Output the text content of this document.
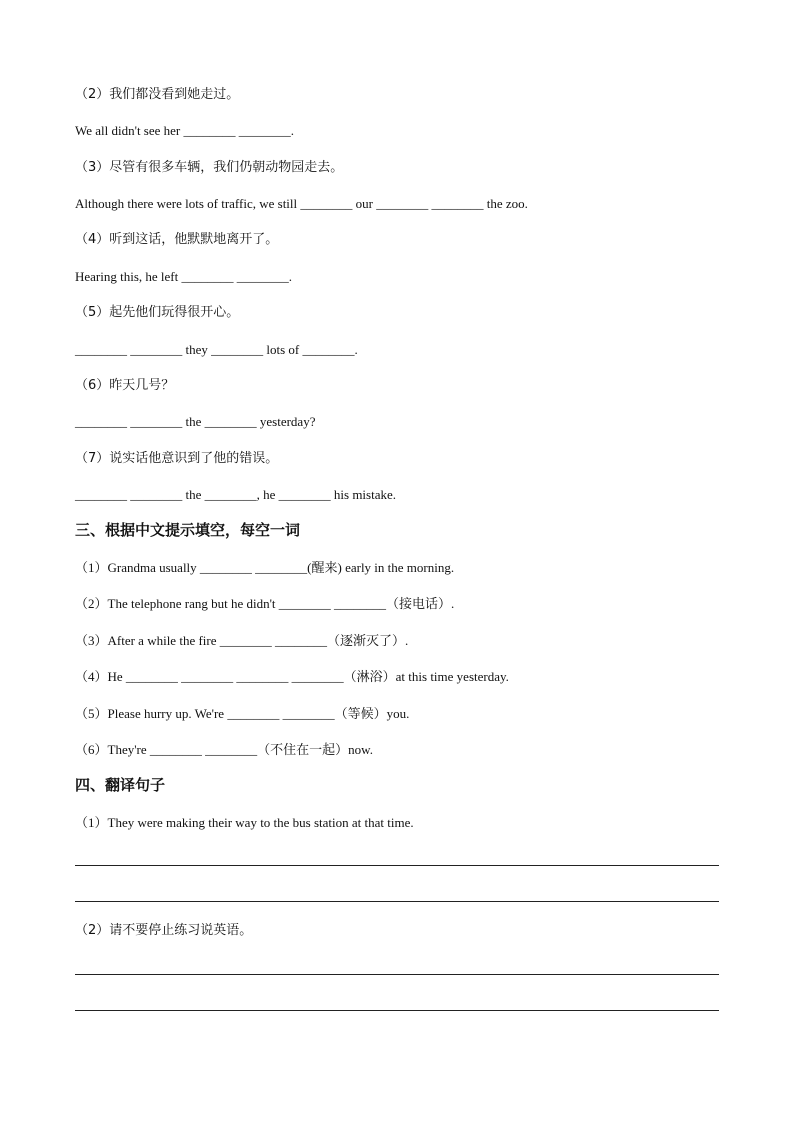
（2）我们都没看到她走过。
We all didn't see her ________ ________.
（3）尽管有很多车辆，我们仍朝动物园走去。
Although there were lots of traffic, we still ________ our ________ ________ the zoo.
（4）听到这话，他默默地离开了。
Hearing this, he left ________ ________.
（5）起先他们玩得很开心。
________ ________ they ________ lots of ________.
（6）昨天几号？
________ ________ the ________ yesterday?
（7）说实话他意识到了他的错误。
________ ________ the ________, he ________ his mistake.
三、根据中文提示填空，每空一词
（1）Grandma usually ________ ________(醒来) early in the morning.
（2）The telephone rang but he didn't ________ ________（接电话）.
（3）After a while the fire ________ ________（逐渐灭了）.
（4）He ________ ________ ________ ________（淋浴）at this time yesterday.
（5）Please hurry up. We're ________ ________（等候）you.
（6）They're ________ ________（不住在一起）now.
四、翻译句子
（1）They were making their way to the bus station at that time.
（2）请不要停止练习说英语。
